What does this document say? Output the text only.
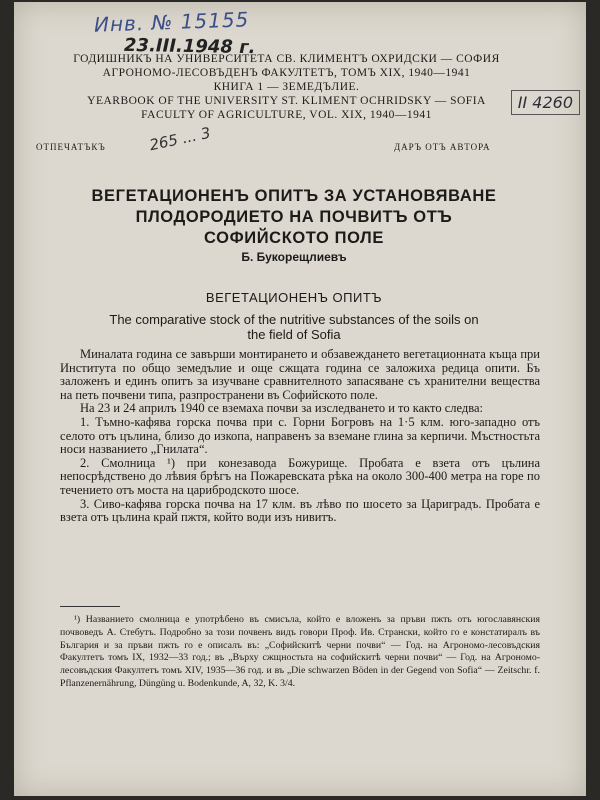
Инв. № 15155
23.III.1948 г.
II 4260
ГОДИШНИКЪ НА УНИВЕРСИТЕТА СВ. КЛИМЕНТЪ ОХРИДСКИ — СОФИЯ
АГРОНОМО-ЛЕСОВЪДЕНЪ ФАКУЛТЕТЪ, ТОМЪ XIX, 1940—1941
КНИГА 1 — ЗЕМЕДЪЛИЕ.
YEARBOOK OF THE UNIVERSITY ST. KLIMENT OCHRIDSKY — SOFIA
FACULTY OF AGRICULTURE, VOL. XIX, 1940—1941
ОТПЕЧАТЪКЪ	265 ... 3	ДАРЪ ОТЪ АВТОРА
ВЕГЕТАЦИОНЕНЪ ОПИТЪ ЗА УСТАНОВЯВАНЕ
ПЛОДОРОДИЕТО НА ПОЧВИТЪ ОТЪ
СОФИЙСКОТО ПОЛЕ
Б. Букорещлиевъ
ВЕГЕТАЦИОНЕНЪ ОПИТЪ
The comparative stock of the nutritive substances of the soils on
the field of Sofia

Миналата година се завърши монтирането и обзавеждането вегетационната къща при Института по общо земедълие и още сжщата година се заложиха редица опити. Бъ заложенъ и единъ опитъ за изучване сравнителното запасяване съ хранителни вещества на петь почвени типа, разпространени въ Софийското поле.

На 23 и 24 априлъ 1940 се вземаха почви за изследването и то както следва:

1. Тъмно-кафява горска почва при с. Горни Богровъ на 1·5 клм. юго-западно отъ селото отъ цълина, близо до изкопа, направенъ за вземане глина за керпичи. Мъстностьта носи названието „Гнилата“.

2. Смолница ¹) при конезавода Божурище. Пробата е взета отъ цълина непосрѣдствено до лѣвия брѣгъ на Пожаревската рѣка на около 300-400 метра на горе по течението отъ моста на царибродското шосе.

3. Сиво-кафява горска почва на 17 клм. въ лѣво по шосето за Цариградъ. Пробата е взета отъ цълина край пжтя, който води изъ нивитъ.

¹) Названието смолница е употрѣбено въ смисъла, който е вложенъ за пръви пжть отъ югославянския почвоведъ А. Стебутъ. Подробно за този почвенъ видъ говори Проф. Ив. Странски, който го е констатиралъ въ България и за пръви пжть го е описалъ въ: „Софийскитѣ черни почви“ — Год. на Агрономо-лесовъдския Факултетъ томъ IX, 1932—33 год.; въ „Върху сжщностьта на софийскитѣ черни почви“ — Год. на Агрономо-лесовъдския Факултетъ томъ XIV, 1935—36 год. и въ „Die schwarzen Böden in der Gegend von Sofia“ — Zeitschr. f. Pflanzenernährung, Düngüng u. Bodenkunde, A, 32, K. 3/4.
